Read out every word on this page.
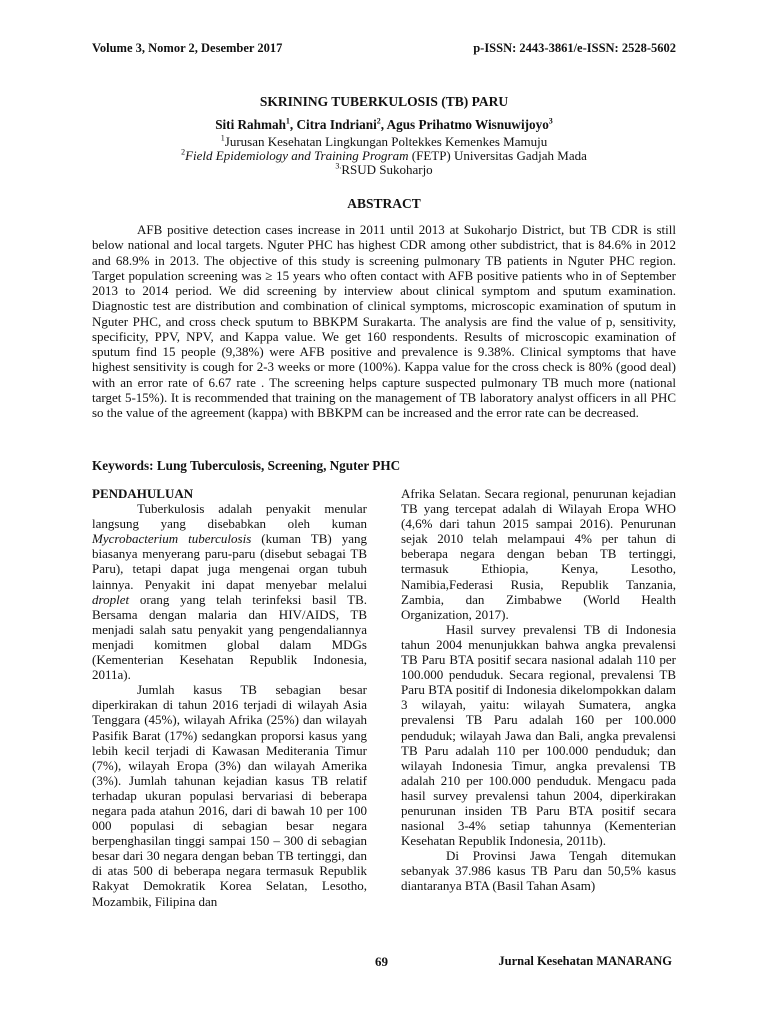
Volume 3, Nomor 2, Desember 2017	p-ISSN: 2443-3861/e-ISSN: 2528-5602
SKRINING TUBERKULOSIS (TB) PARU
Siti Rahmah$^1$, Citra Indriani$^2$, Agus Prihatmo Wisnuwijoyo$^3$
$^1$Jurusan Kesehatan Lingkungan Poltekkes Kemenkes Mamuju
$^2$Field Epidemiology and Training Program (FETP) Universitas Gadjah Mada
$^{3.}$RSUD Sukoharjo
ABSTRACT

AFB positive detection cases increase in 2011 until 2013 at Sukoharjo District, but TB CDR is still below national and local targets. Nguter PHC has highest CDR among other subdistrict, that is 84.6% in 2012 and 68.9% in 2013. The objective of this study is screening pulmonary TB patients in Nguter PHC region. Target population screening was ≥ 15 years who often contact with AFB positive patients who in of September 2013 to 2014 period. We did screening by interview about clinical symptom and sputum examination. Diagnostic test are distribution and combination of clinical symptoms, microscopic examination of sputum in Nguter PHC, and cross check sputum to BBKPM Surakarta. The analysis are find the value of p, sensitivity, specificity, PPV, NPV, and Kappa value. We get 160 respondents. Results of microscopic examination of sputum find 15 people (9,38%) were AFB positive and prevalence is 9.38%. Clinical symptoms that have highest sensitivity is cough for 2-3 weeks or more (100%). Kappa value for the cross check is 80% (good deal) with an error rate of 6.67 rate . The screening helps capture suspected pulmonary TB much more (national target 5-15%). It is recommended that training on the management of TB laboratory analyst officers in all PHC so the value of the agreement (kappa) with BBKPM can be increased and the error rate can be decreased.

Keywords: Lung Tuberculosis, Screening, Nguter PHC

PENDAHULUAN

Tuberkulosis adalah penyakit menular langsung yang disebabkan oleh kuman Mycrobacterium tuberculosis (kuman TB) yang biasanya menyerang paru-paru (disebut sebagai TB Paru), tetapi dapat juga mengenai organ tubuh lainnya. Penyakit ini dapat menyebar melalui droplet orang yang telah terinfeksi basil TB. Bersama dengan malaria dan HIV/AIDS, TB menjadi salah satu penyakit yang pengendaliannya menjadi komitmen global dalam MDGs (Kementerian Kesehatan Republik Indonesia, 2011a).

Jumlah kasus TB sebagian besar diperkirakan di tahun 2016 terjadi di wilayah Asia Tenggara (45%), wilayah Afrika (25%) dan wilayah Pasifik Barat (17%) sedangkan proporsi kasus yang lebih kecil terjadi di Kawasan Mediterania Timur (7%), wilayah Eropa (3%) dan wilayah Amerika (3%). Jumlah tahunan kejadian kasus TB relatif terhadap ukuran populasi bervariasi di beberapa negara pada atahun 2016, dari di bawah 10 per 100 000 populasi di sebagian besar negara berpenghasilan tinggi sampai 150 – 300 di sebagian besar dari 30 negara dengan beban TB tertinggi, dan di atas 500 di beberapa negara termasuk Republik Rakyat Demokratik Korea Selatan, Lesotho, Mozambik, Filipina dan

Afrika Selatan. Secara regional, penurunan kejadian TB yang tercepat adalah di Wilayah Eropa WHO (4,6% dari tahun 2015 sampai 2016). Penurunan sejak 2010 telah melampaui 4% per tahun di beberapa negara dengan beban TB tertinggi, termasuk Ethiopia, Kenya, Lesotho, Namibia,Federasi Rusia, Republik Tanzania, Zambia, dan Zimbabwe (World Health Organization, 2017).

Hasil survey prevalensi TB di Indonesia tahun 2004 menunjukkan bahwa angka prevalensi TB Paru BTA positif secara nasional adalah 110 per 100.000 penduduk. Secara regional, prevalensi TB Paru BTA positif di Indonesia dikelompokkan dalam 3 wilayah, yaitu: wilayah Sumatera, angka prevalensi TB Paru adalah 160 per 100.000 penduduk; wilayah Jawa dan Bali, angka prevalensi TB Paru adalah 110 per 100.000 penduduk; dan wilayah Indonesia Timur, angka prevalensi TB adalah 210 per 100.000 penduduk. Mengacu pada hasil survey prevalensi tahun 2004, diperkirakan penurunan insiden TB Paru BTA positif secara nasional 3-4% setiap tahunnya (Kementerian Kesehatan Republik Indonesia, 2011b).

Di Provinsi Jawa Tengah ditemukan sebanyak 37.986 kasus TB Paru dan 50,5% kasus diantaranya BTA (Basil Tahan Asam)

69	Jurnal Kesehatan MANARANG
